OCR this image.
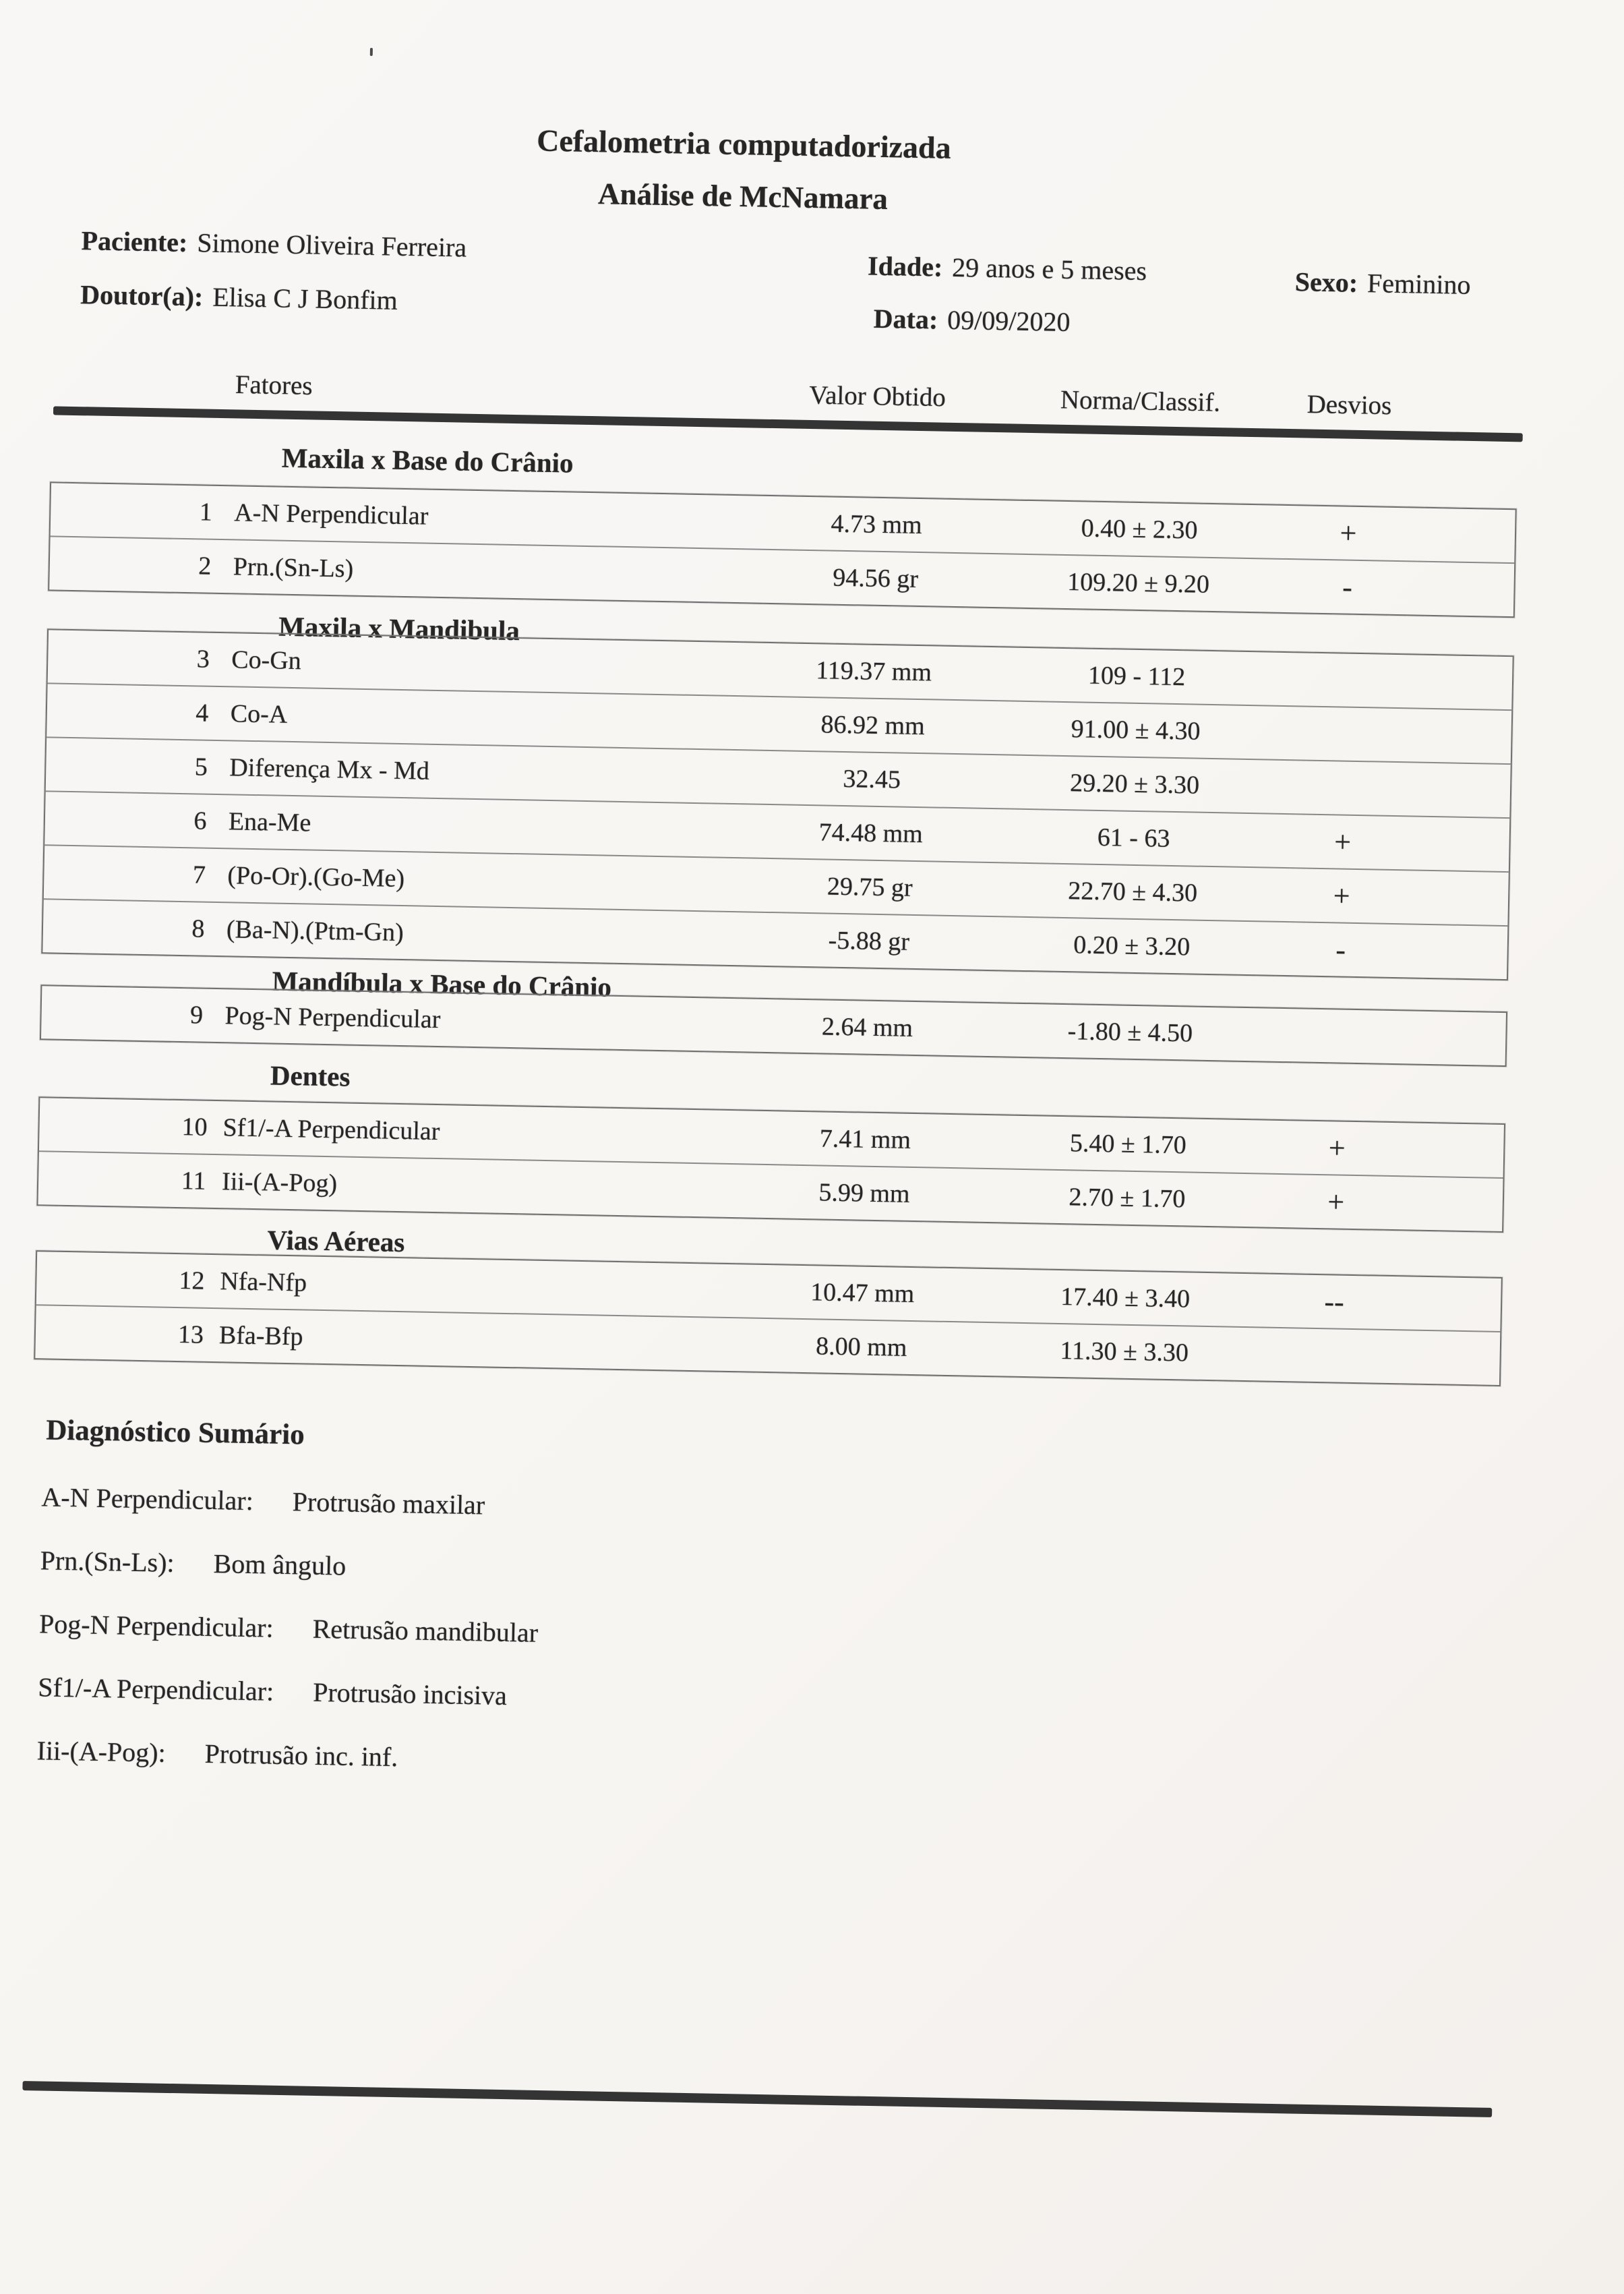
Cefalometria computadorizada
Análise de McNamara
Paciente: Simone Oliveira Ferreira
Doutor(a): Elisa C J Bonfim
Idade: 29 anos e 5 meses
Data: 09/09/2020
Sexo: Feminino
Fatores	Valor Obtido	Norma/Classif.	Desvios
Maxila x Base do Crânio
1 A-N Perpendicular	4.73 mm	0.40 ± 2.30	+
2 Prn.(Sn-Ls)	94.56 gr	109.20 ± 9.20	-
Maxila x Mandibula
3 Co-Gn	119.37 mm	109 - 112
4 Co-A	86.92 mm	91.00 ± 4.30
5 Diferença Mx - Md	32.45	29.20 ± 3.30
6 Ena-Me	74.48 mm	61 - 63	+
7 (Po-Or).(Go-Me)	29.75 gr	22.70 ± 4.30	+
8 (Ba-N).(Ptm-Gn)	-5.88 gr	0.20 ± 3.20	-
Mandíbula x Base do Crânio
9 Pog-N Perpendicular	2.64 mm	-1.80 ± 4.50
Dentes
10 Sf1/-A Perpendicular	7.41 mm	5.40 ± 1.70	+
11 Iii-(A-Pog)	5.99 mm	2.70 ± 1.70	+
Vias Aéreas
12 Nfa-Nfp	10.47 mm	17.40 ± 3.40	--
13 Bfa-Bfp	8.00 mm	11.30 ± 3.30
Diagnóstico Sumário
A-N Perpendicular: Protrusão maxilar
Prn.(Sn-Ls): Bom ângulo
Pog-N Perpendicular: Retrusão mandibular
Sf1/-A Perpendicular: Protrusão incisiva
Iii-(A-Pog): Protrusão inc. inf.
